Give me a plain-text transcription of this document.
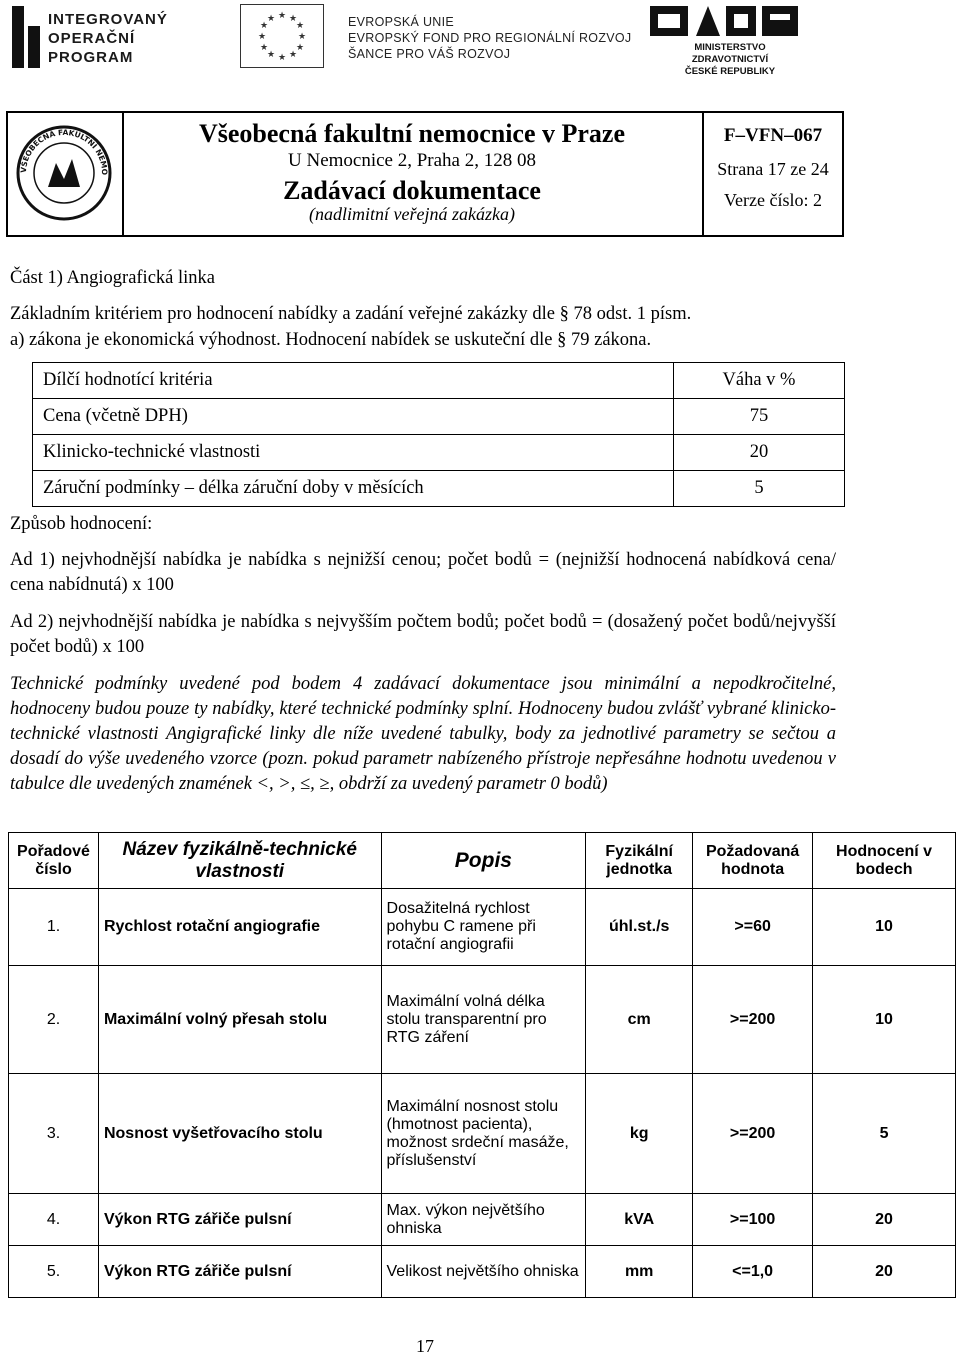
INTEGROVANÝ
OPERAČNÍ
PROGRAM
★ ★
★
★
★
★
★
★
★
★
★
★	EVROPSKÁ UNIE
EVROPSKÝ FOND PRO REGIONÁLNÍ ROZVOJ
ŠANCE PRO VÁŠ ROZVOJ	MINISTERSTVO ZDRAVOTNICTVÍ
ČESKÉ REPUBLIKY
VŠEOBECNÁ FAKULTNÍ NEMO
Všeobecná fakultní nemocnice v Praze
U Nemocnice 2, Praha 2, 128 08
Zadávací dokumentace
(nadlimitní veřejná zakázka)
F–VFN–067
Strana 17 ze 24
Verze číslo: 2
Část 1) Angiografická linka
Základním kritériem pro hodnocení nabídky a zadání veřejné zakázky dle § 78 odst. 1 písm.
a) zákona je ekonomická výhodnost. Hodnocení nabídek se uskuteční dle § 79 zákona.
Dílčí hodnotící kritéria	Váha v %
Cena (včetně DPH)	75
Klinicko-technické vlastnosti	20
Záruční podmínky – délka záruční doby v měsících	5
Způsob hodnocení:
Ad 1) nejvhodnější nabídka je nabídka s nejnižší cenou; počet bodů = (nejnižší hodnocená nabídková cena/ cena nabídnutá) x 100
Ad 2) nejvhodnější nabídka je nabídka s nejvyšším počtem bodů; počet bodů = (dosažený počet bodů/nejvyšší počet bodů) x 100
Technické podmínky uvedené pod bodem 4 zadávací dokumentace jsou minimální a nepodkročitelné, hodnoceny budou pouze ty nabídky, které technické podmínky splní. Hodnoceny budou zvlášť vybrané klinicko-technické vlastnosti Angigrafické linky dle níže uvedené tabulky, body za jednotlivé parametry se sečtou a dosadí do výše uvedeného vzorce (pozn. pokud parametr nabízeného přístroje nepřesáhne hodnotu uvedenou v tabulce dle uvedených znamének <, >, ≤, ≥, obdrží za uvedený parametr 0 bodů)
Pořadové číslo	Název fyzikálně-technické vlastnosti	Popis	Fyzikální jednotka	Požadovaná hodnota	Hodnocení v bodech
1.	Rychlost rotační angiografie	Dosažitelná rychlost pohybu C ramene při rotační angiografii	úhl.st./s	>=60	10
2.	Maximální volný přesah stolu	Maximální volná délka stolu transparentní pro RTG záření	cm	>=200	10
3.	Nosnost vyšetřovacího stolu	Maximální nosnost stolu (hmotnost pacienta), možnost srdeční masáže, příslušenství	kg	>=200	5
4.	Výkon RTG zářiče pulsní	Max. výkon největšího ohniska	kVA	>=100	20
5.	Výkon RTG zářiče pulsní	Velikost největšího ohniska	mm	<=1,0	20
17
